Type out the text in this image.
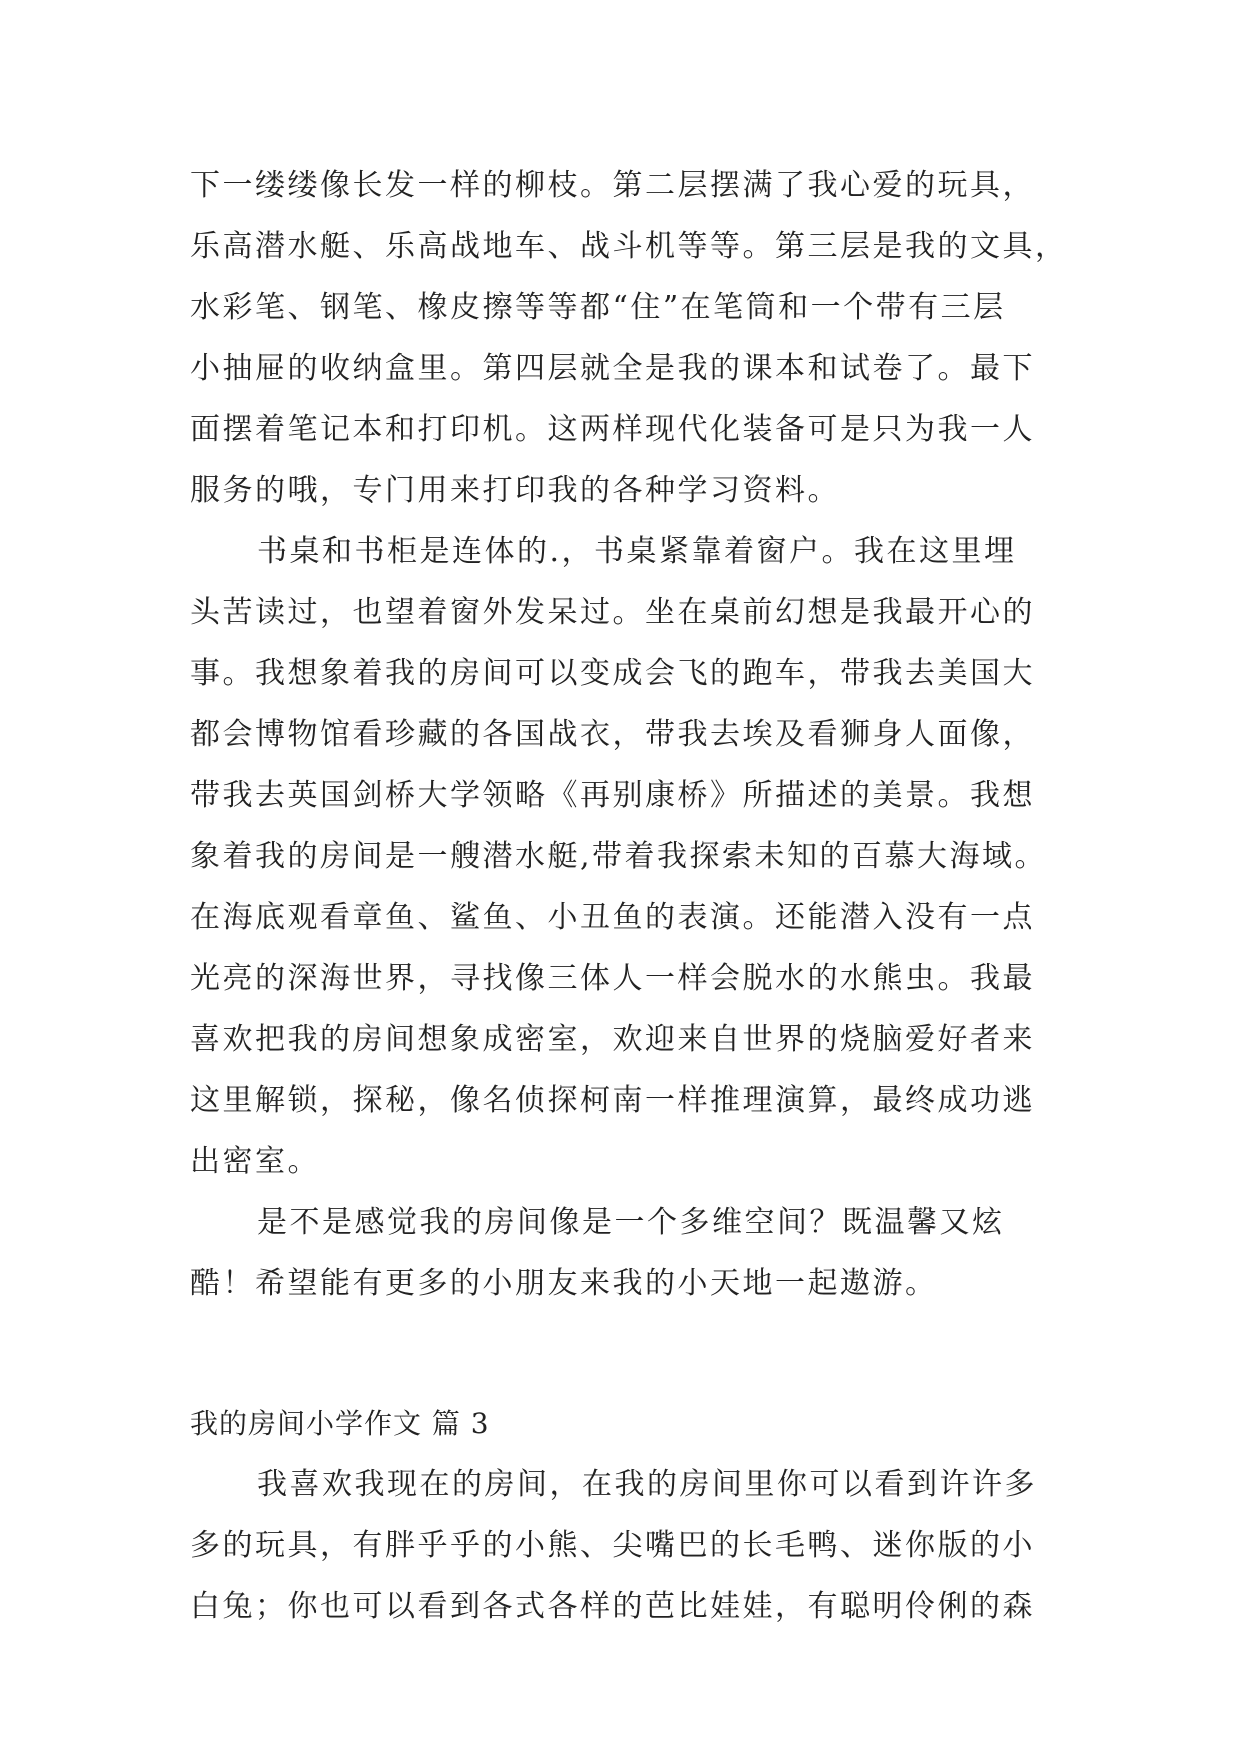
下一缕缕像长发一样的柳枝。第二层摆满了我心爱的玩具，
乐高潜水艇、乐高战地车、战斗机等等。第三层是我的文具，
水彩笔、钢笔、橡皮擦等等都“住”在笔筒和一个带有三层
小抽屉的收纳盒里。第四层就全是我的课本和试卷了。最下
面摆着笔记本和打印机。这两样现代化装备可是只为我一人
服务的哦，专门用来打印我的各种学习资料。
书桌和书柜是连体的.，书桌紧靠着窗户。我在这里埋
头苦读过，也望着窗外发呆过。坐在桌前幻想是我最开心的
事。我想象着我的房间可以变成会飞的跑车，带我去美国大
都会博物馆看珍藏的各国战衣，带我去埃及看狮身人面像，
带我去英国剑桥大学领略《再别康桥》所描述的美景。我想
象着我的房间是一艘潜水艇,带着我探索未知的百慕大海域。
在海底观看章鱼、鲨鱼、小丑鱼的表演。还能潜入没有一点
光亮的深海世界，寻找像三体人一样会脱水的水熊虫。我最
喜欢把我的房间想象成密室，欢迎来自世界的烧脑爱好者来
这里解锁，探秘，像名侦探柯南一样推理演算，最终成功逃
出密室。
是不是感觉我的房间像是一个多维空间？既温馨又炫
酷！希望能有更多的小朋友来我的小天地一起遨游。
我的房间小学作文 篇 3
我喜欢我现在的房间，在我的房间里你可以看到许许多
多的玩具，有胖乎乎的小熊、尖嘴巴的长毛鸭、迷你版的小
白兔；你也可以看到各式各样的芭比娃娃，有聪明伶俐的森
